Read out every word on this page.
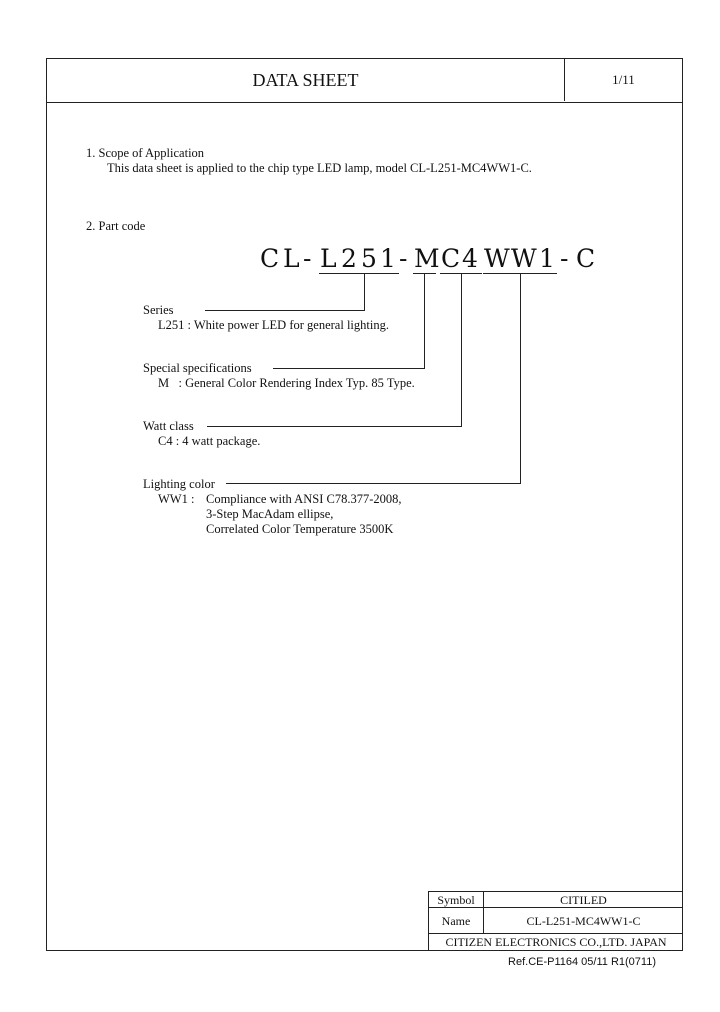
DATA SHEET	1/11
1. Scope of Application
This data sheet is applied to the chip type LED lamp, model CL-L251-MC4WW1-C.
2. Part code
C L - L 2 5 1 - M C 4 W W 1 - C
Series
L251 : White power LED for general lighting.
Special specifications
M   : General Color Rendering Index Typ. 85 Type.
Watt class
C4 : 4 watt package.
Lighting color
WW1 : Compliance with ANSI C78.377-2008,
3-Step MacAdam ellipse,
Correlated Color Temperature 3500K
Symbol	CITILED
Name	CL-L251-MC4WW1-C
CITIZEN ELECTRONICS CO.,LTD. JAPAN
Ref.CE-P1164 05/11 R1(0711)
